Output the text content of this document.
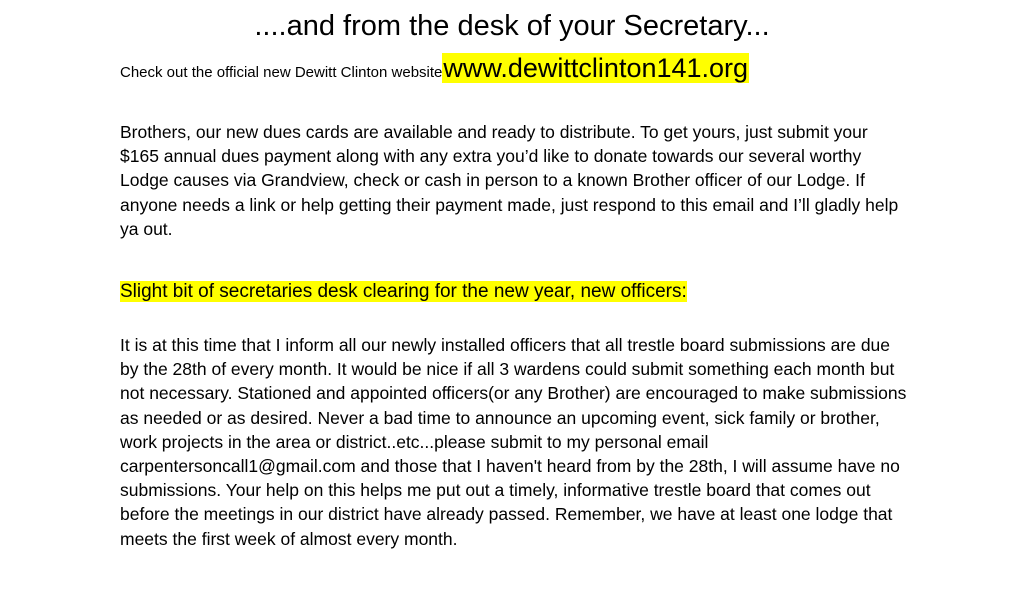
....and from the desk of your Secretary...
Check out the official new Dewitt Clinton websitewww.dewittclinton141.org

Brothers, our new dues cards are available and ready to distribute. To get yours, just submit your $165 annual dues payment along with any extra you’d like to donate towards our several worthy Lodge causes via Grandview, check or cash in person to a known Brother officer of our Lodge. If anyone needs a link or help getting their payment made, just respond to this email and I’ll gladly help ya out.

Slight bit of secretaries desk clearing for the new year, new officers:

It is at this time that I inform all our newly installed officers that all trestle board submissions are due by the 28th of every month. It would be nice if all 3 wardens could submit something each month but not necessary. Stationed and appointed officers(or any Brother) are encouraged to make submissions as needed or as desired. Never a bad time to announce an upcoming event, sick family or brother, work projects in the area or district..etc...please submit to my personal email carpentersoncall1@gmail.com and those that I haven't heard from by the 28th, I will assume have no submissions. Your help on this helps me put out a timely, informative trestle board that comes out before the meetings in our district have already passed. Remember, we have at least one lodge that meets the first week of almost every month.
